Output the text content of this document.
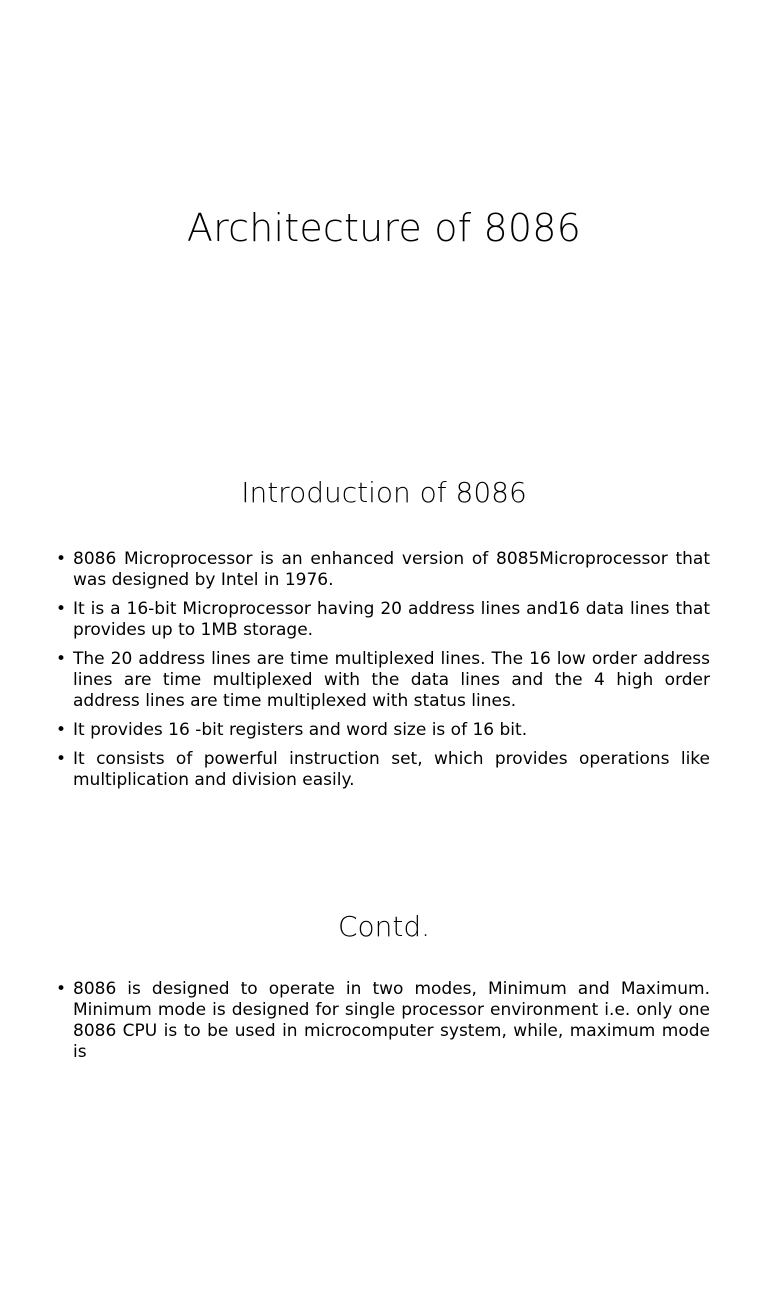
Architecture of 8086
Introduction of 8086
• 8086 Microprocessor is an enhanced version of 8085Microprocessor that was designed by Intel in 1976.
• It is a 16-bit Microprocessor having 20 address lines and16 data lines that provides up to 1MB storage.
• The 20 address lines are time multiplexed lines. The 16 low order address lines are time multiplexed with the data lines and the 4 high order address lines are time multiplexed with status lines.
• It provides 16 -bit registers and word size is of 16 bit.
• It consists of powerful instruction set, which provides operations like multiplication and division easily.
Contd.
• 8086 is designed to operate in two modes, Minimum and Maximum. Minimum mode is designed for single processor environment i.e. only one 8086 CPU is to be used in microcomputer system, while, maximum mode is
